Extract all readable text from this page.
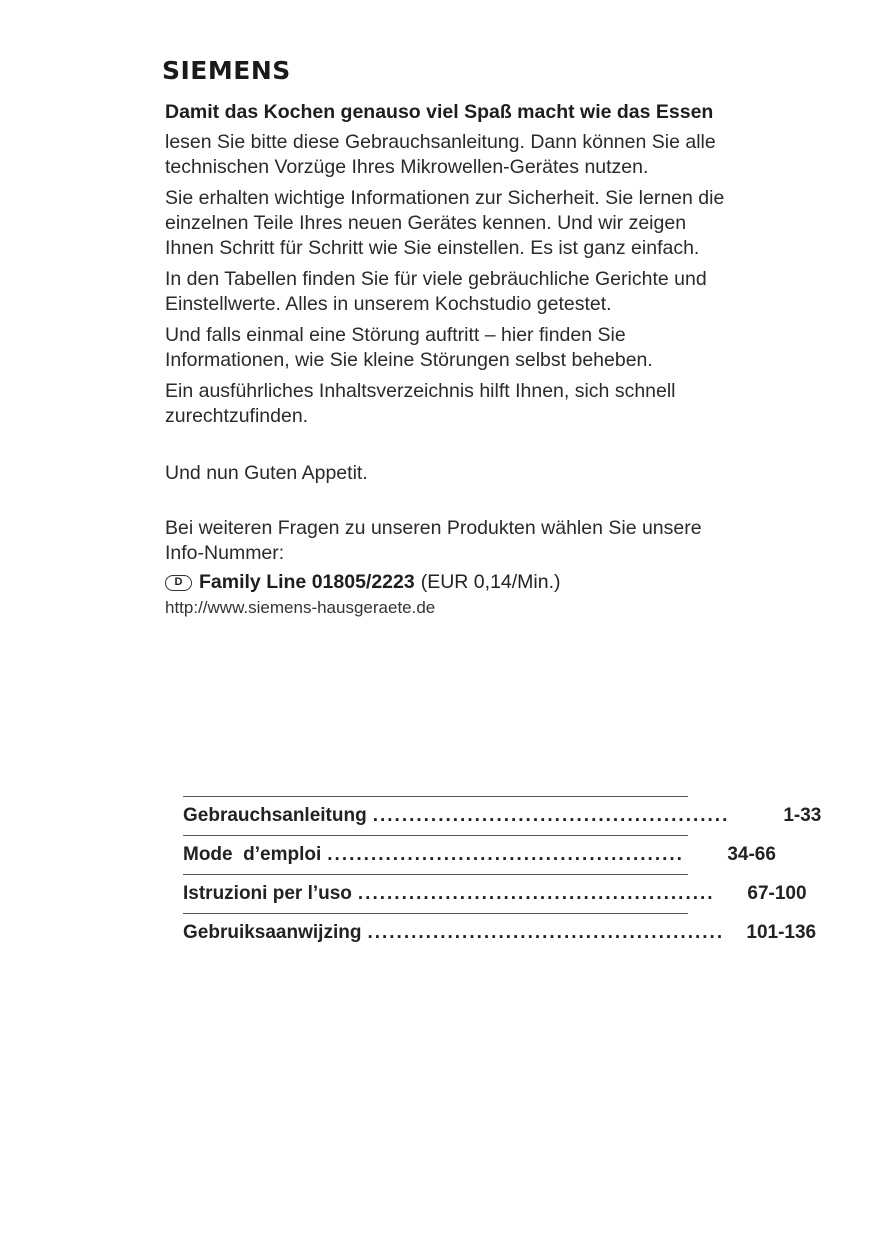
SIEMENS
Damit das Kochen genauso viel Spaß macht wie das Essen

lesen Sie bitte diese Gebrauchsanleitung. Dann können Sie alle technischen Vorzüge Ihres Mikrowellen-Gerätes nutzen.

Sie erhalten wichtige Informationen zur Sicherheit. Sie lernen die einzelnen Teile Ihres neuen Gerätes kennen. Und wir zeigen Ihnen Schritt für Schritt wie Sie einstellen. Es ist ganz einfach.

In den Tabellen finden Sie für viele gebräuchliche Gerichte und Einstellwerte. Alles in unserem Kochstudio getestet.

Und falls einmal eine Störung auftritt – hier finden Sie Informationen, wie Sie kleine Störungen selbst beheben.

Ein ausführliches Inhaltsverzeichnis hilft Ihnen, sich schnell zurechtzufinden.

Und nun Guten Appetit.
Bei weiteren Fragen zu unseren Produkten wählen Sie unsere Info-Nummer:
D Family Line 01805/2223 (EUR 0,14/Min.)
http://www.siemens-hausgeraete.de
Gebrauchsanleitung .................................................	1-33
Mode  d’emploi .................................................	34-66
Istruzioni per l’uso .................................................	67-100
Gebruiksaanwijzing ................................................. 101-136
